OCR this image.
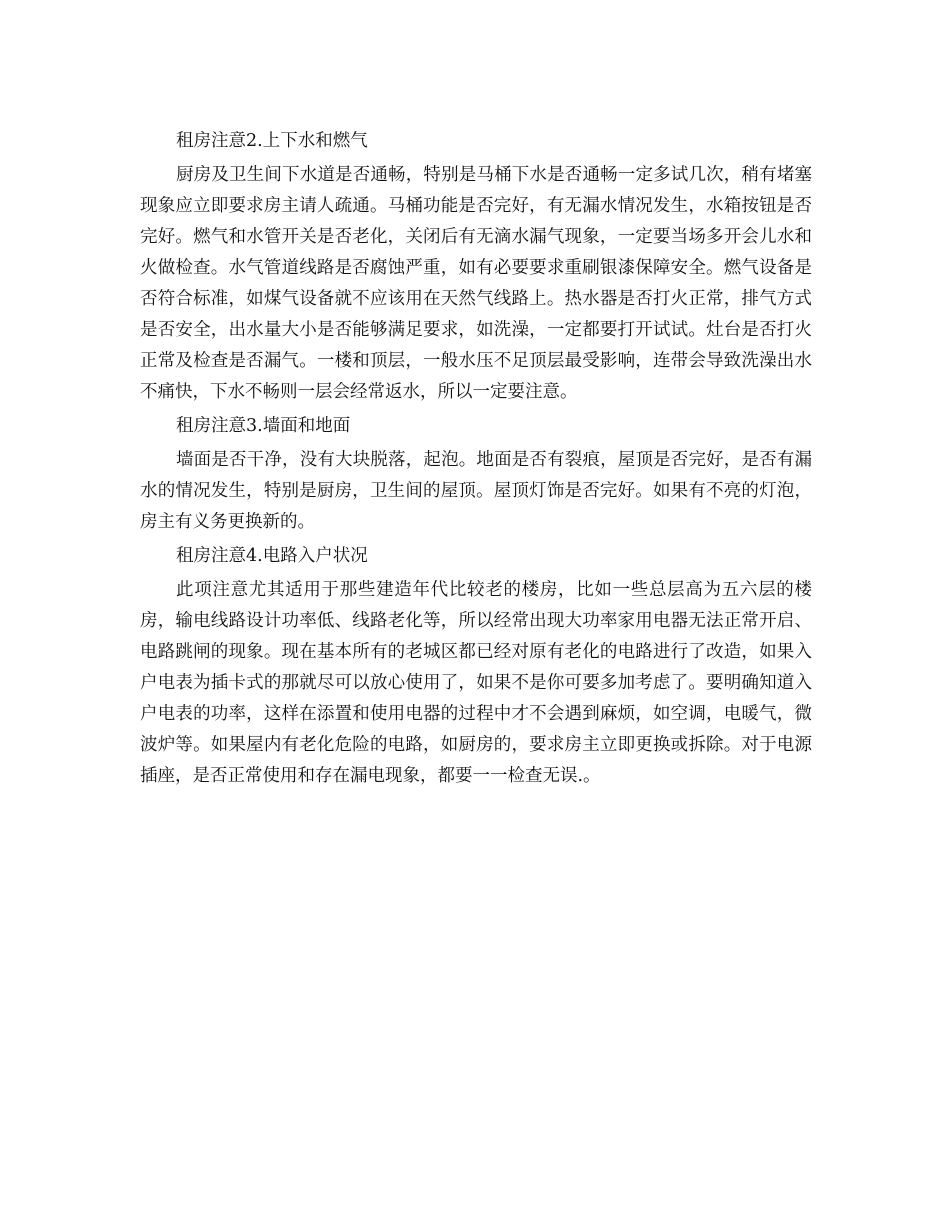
租房注意2.上下水和燃气

厨房及卫生间下水道是否通畅，特别是马桶下水是否通畅一定多试几次，稍有堵塞现象应立即要求房主请人疏通。马桶功能是否完好，有无漏水情况发生，水箱按钮是否完好。燃气和水管开关是否老化，关闭后有无滴水漏气现象，一定要当场多开会儿水和火做检查。水气管道线路是否腐蚀严重，如有必要要求重刷银漆保障安全。燃气设备是否符合标准，如煤气设备就不应该用在天然气线路上。热水器是否打火正常，排气方式是否安全，出水量大小是否能够满足要求，如洗澡，一定都要打开试试。灶台是否打火正常及检查是否漏气。一楼和顶层，一般水压不足顶层最受影响，连带会导致洗澡出水不痛快，下水不畅则一层会经常返水，所以一定要注意。

租房注意3.墙面和地面

墙面是否干净，没有大块脱落，起泡。地面是否有裂痕，屋顶是否完好，是否有漏水的情况发生，特别是厨房，卫生间的屋顶。屋顶灯饰是否完好。如果有不亮的灯泡，房主有义务更换新的。

租房注意4.电路入户状况

此项注意尤其适用于那些建造年代比较老的楼房，比如一些总层高为五六层的楼房，输电线路设计功率低、线路老化等，所以经常出现大功率家用电器无法正常开启、电路跳闸的现象。现在基本所有的老城区都已经对原有老化的电路进行了改造，如果入户电表为插卡式的那就尽可以放心使用了，如果不是你可要多加考虑了。要明确知道入户电表的功率，这样在添置和使用电器的过程中才不会遇到麻烦，如空调，电暖气，微波炉等。如果屋内有老化危险的电路，如厨房的，要求房主立即更换或拆除。对于电源插座，是否正常使用和存在漏电现象，都要一一检查无误.。
